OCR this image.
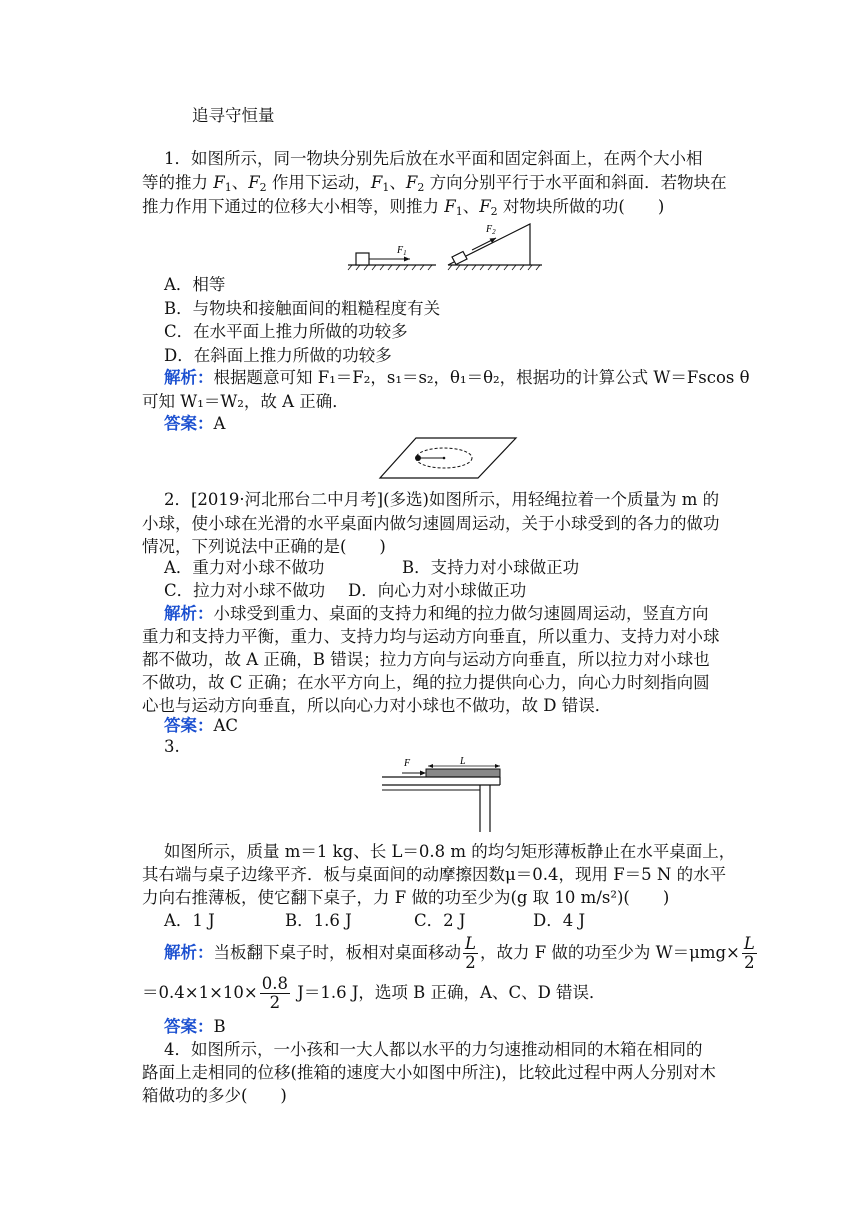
追寻守恒量
1．如图所示，同一物块分别先后放在水平面和固定斜面上，在两个大小相
等的推力 $F_1$、$F_2$ 作用下运动，$F_1$、$F_2$ 方向分别平行于水平面和斜面．若物块在
推力作用下通过的位移大小相等，则推力 $F_1$、$F_2$ 对物块所做的功(　　)
$F_1$
$F_2$
A．相等
B．与物块和接触面间的粗糙程度有关
C．在水平面上推力所做的功较多
D．在斜面上推力所做的功较多
解析：根据题意可知 F₁＝F₂，s₁＝s₂，θ₁＝θ₂，根据功的计算公式 W＝Fscos θ
可知 W₁＝W₂，故 A 正确．
答案：A
2．[2019·河北邢台二中月考](多选)如图所示，用轻绳拉着一个质量为 m 的
小球，使小球在光滑的水平桌面内做匀速圆周运动，关于小球受到的各力的做功
情况，下列说法中正确的是(　　)
A．重力对小球不做功	B．支持力对小球做正功
C．拉力对小球不做功	D．向心力对小球做正功
解析：小球受到重力、桌面的支持力和绳的拉力做匀速圆周运动，竖直方向
重力和支持力平衡，重力、支持力均与运动方向垂直，所以重力、支持力对小球
都不做功，故 A 正确，B 错误；拉力方向与运动方向垂直，所以拉力对小球也
不做功，故 C 正确；在水平方向上，绳的拉力提供向心力，向心力时刻指向圆
心也与运动方向垂直，所以向心力对小球也不做功，故 D 错误．
答案：AC
3.
F	L
如图所示，质量 m＝1 kg、长 L＝0.8 m 的均匀矩形薄板静止在水平桌面上，
其右端与桌子边缘平齐．板与桌面间的动摩擦因数μ＝0.4，现用 F＝5 N 的水平
力向右推薄板，使它翻下桌子，力 F 做的功至少为(g 取 10 m/s²)(　　)
A．1 J	B．1.6 J	C．2 J	D．4 J
解析：当板翻下桌子时，板相对桌面移动 $\frac{L}{2}$ ，故力 F 做的功至少为 $W=\mu mg\times \frac{L}{2}$
$=0.4\times 1\times 10\times \frac{0.8}{2} J=1.6$ J，选项 B 正确，A、C、D 错误．
答案：B
4．如图所示，一小孩和一大人都以水平的力匀速推动相同的木箱在相同的
路面上走相同的位移(推箱的速度大小如图中所注)，比较此过程中两人分别对木
箱做功的多少(　　)
